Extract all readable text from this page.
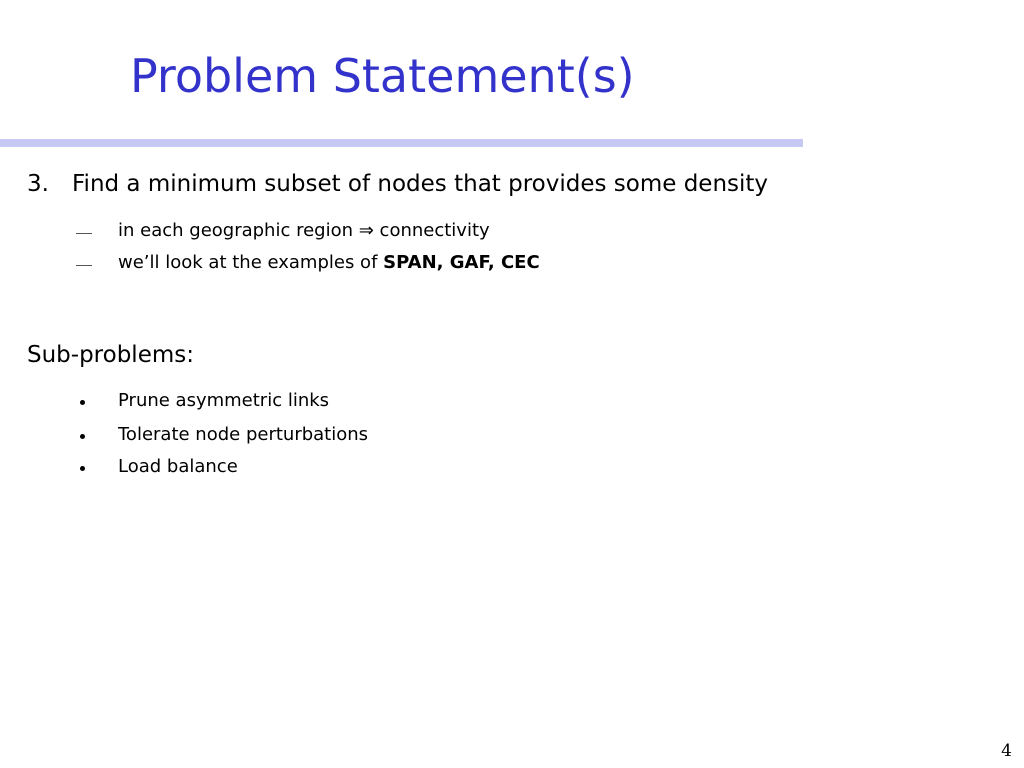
Problem Statement(s)
3. Find a minimum subset of nodes that provides some density
in each geographic region ⇒ connectivity
we’ll look at the examples of SPAN, GAF, CEC
Sub-problems:
Prune asymmetric links
Tolerate node perturbations
Load balance
4
